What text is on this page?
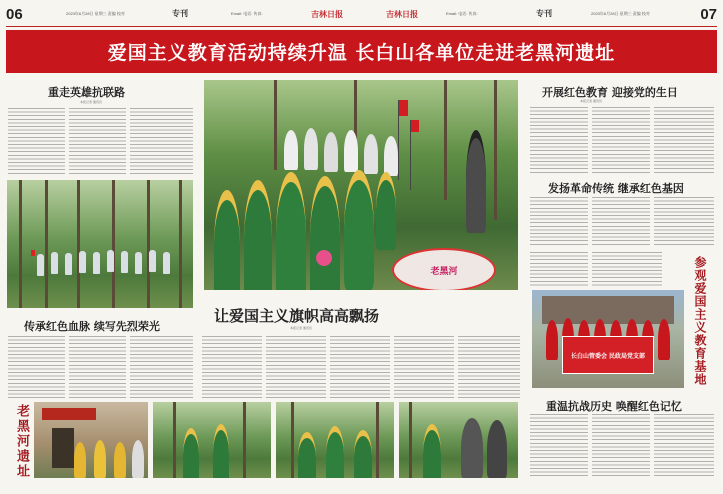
06	2023年6月28日 星期三 责编 校对	专刊	Email: 电话: 传真:	吉林日报	吉林日报	Email: 电话: 传真:	专刊	2023年6月28日 星期三 责编 校对	07
爱国主义教育活动持续升温 长白山各单位走进老黑河遗址
重走英雄抗联路
本报记者 通讯员
传承红色血脉 续写先烈荣光
老黑河
让爱国主义旗帜高高飘扬
本报记者 通讯员
老黑河遗址
开展红色教育 迎接党的生日
本报记者 通讯员
发扬革命传统 继承红色基因
参观爱国主义教育基地
长白山管委会 民政局党支部
重温抗战历史 唤醒红色记忆
